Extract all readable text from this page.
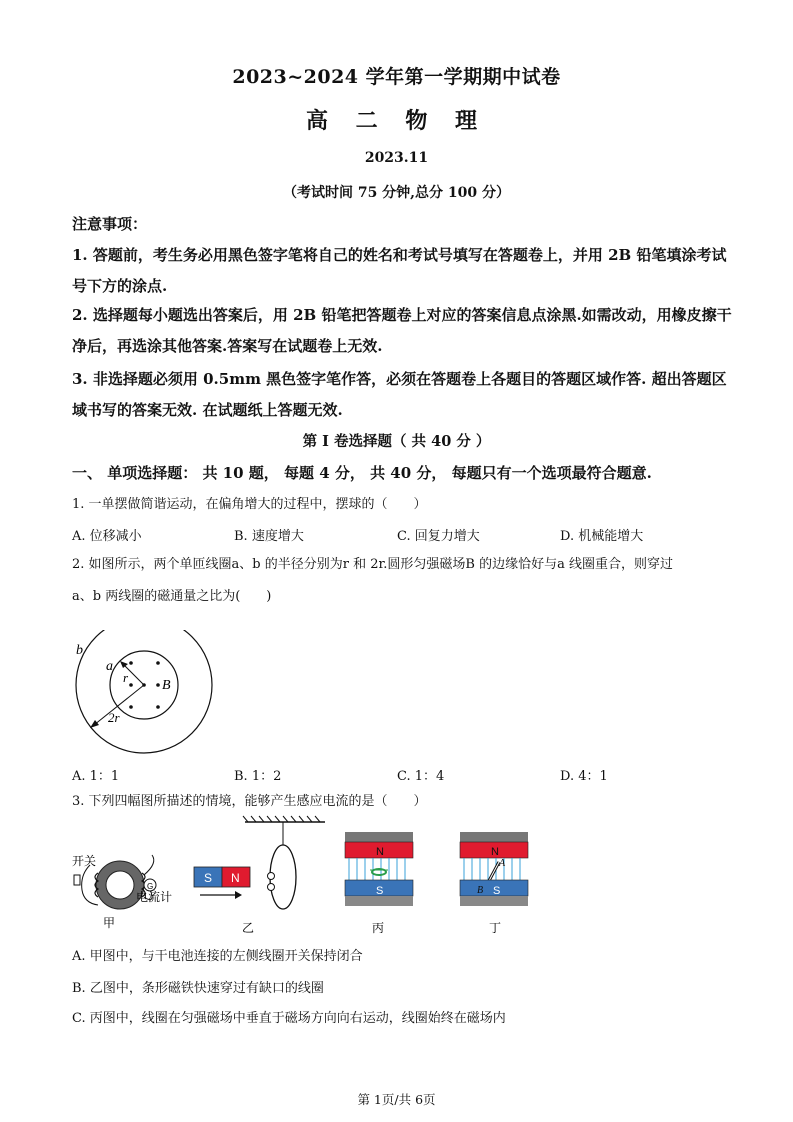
2023~2024 学年第一学期期中试卷
高 二 物 理
2023.11
（考试时间 75 分钟,总分 100 分）
注意事项：
1. 答题前，考生务必用黑色签字笔将自己的姓名和考试号填写在答题卷上，并用 2B 铅笔填涂考试号下方的涂点.
2. 选择题每小题选出答案后，用 2B 铅笔把答题卷上对应的答案信息点涂黑.如需改动，用橡皮擦干净后，再选涂其他答案.答案写在试题卷上无效.
3. 非选择题必须用 0.5mm 黑色签字笔作答，必须在答题卷上各题目的答题区域作答. 超出答题区域书写的答案无效. 在试题纸上答题无效.
第 Ⅰ 卷选择题（ 共 40 分 ）
一、 单项选择题： 共 10 题， 每题 4 分， 共 40 分， 每题只有一个选项最符合题意.
1. 一单摆做简谐运动，在偏角增大的过程中，摆球的（　　）
A. 位移减小	B. 速度增大	C. 回复力增大	D. 机械能增大
2. 如图所示，两个单匝线圈a、b 的半径分别为r 和 2r.圆形匀强磁场B 的边缘恰好与a 线圈重合，则穿过
a、b 两线圈的磁通量之比为(　　)
b
a
r
B
2r
A. 1：1	B. 1：2	C. 1：4	D. 4：1
3. 下列四幅图所描述的情境，能够产生感应电流的是（　　）
G
开关
电流计
甲
S N
乙
N
S
丙
N
A
B S
丁
A. 甲图中，与干电池连接的左侧线圈开关保持闭合
B. 乙图中，条形磁铁快速穿过有缺口的线圈
C. 丙图中，线圈在匀强磁场中垂直于磁场方向向右运动，线圈始终在磁场内
第 1页/共 6页
